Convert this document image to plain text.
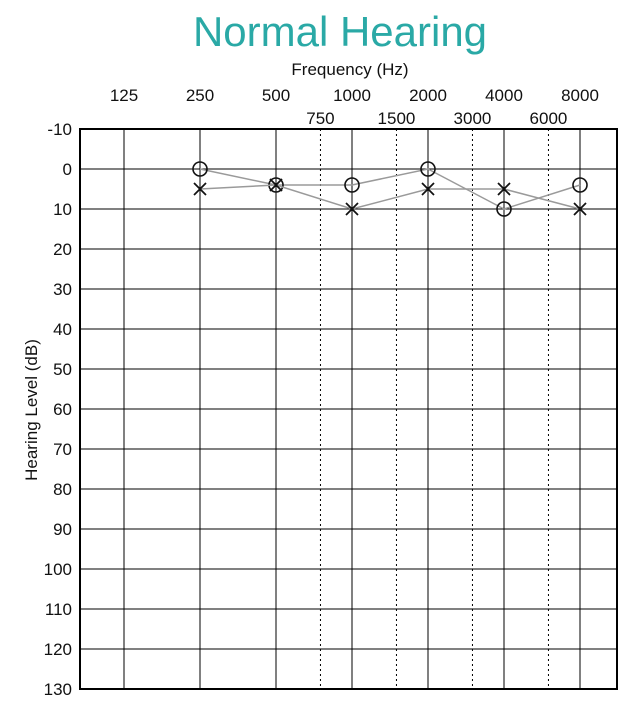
Normal Hearing
Frequency (Hz)
Hearing Level (dB)
-10
0
10
20
30
40
50
60
70
80
90
100
110
120
130
125	250	500	1000 2000 4000 8000
750	1500 3000 6000
